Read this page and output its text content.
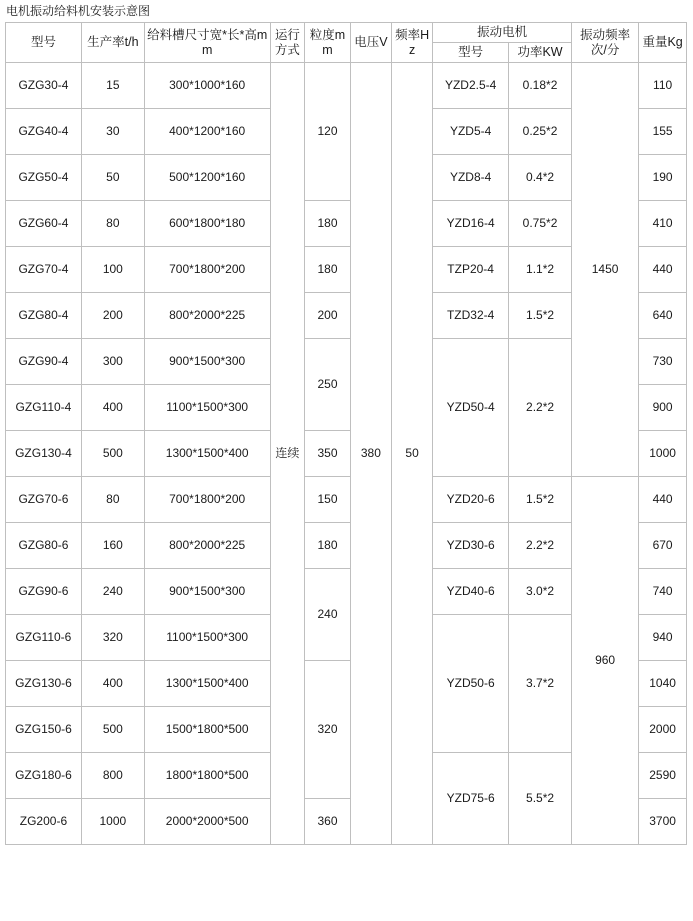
电机振动给料机安装示意图
型号	生产率t/h	给料槽尺寸宽*长*高mm	运行方式	粒度mm	电压V	频率Hz	振动电机		振动频率次/分	重量Kg
							型号	功率KW		
GZG30-4	15	300*1000*160	连续	120	380	50	YZD2.5-4	0.18*2	1450	110
GZG40-4	30	400*1200*160					YZD5-4	0.25*2		155
GZG50-4	50	500*1200*160					YZD8-4	0.4*2		190
GZG60-4	80	600*1800*180		180			YZD16-4	0.75*2		410
GZG70-4	100	700*1800*200		180			TZP20-4	1.1*2		440
GZG80-4	200	800*2000*225		200			TZD32-4	1.5*2		640
GZG90-4	300	900*1500*300		250			YZD50-4	2.2*2		730
GZG110-4	400	1100*1500*300								900
GZG130-4	500	1300*1500*400		350						1000
GZG70-6	80	700*1800*200		150			YZD20-6	1.5*2	960	440
GZG80-6	160	800*2000*225		180			YZD30-6	2.2*2		670
GZG90-6	240	900*1500*300		240			YZD40-6	3.0*2		740
GZG110-6	320	1100*1500*300					YZD50-6	3.7*2		940
GZG130-6	400	1300*1500*400		320						1040
GZG150-6	500	1500*1800*500								2000
GZG180-6	800	1800*1800*500					YZD75-6	5.5*2		2590
ZG200-6	1000	2000*2000*500		360						3700
